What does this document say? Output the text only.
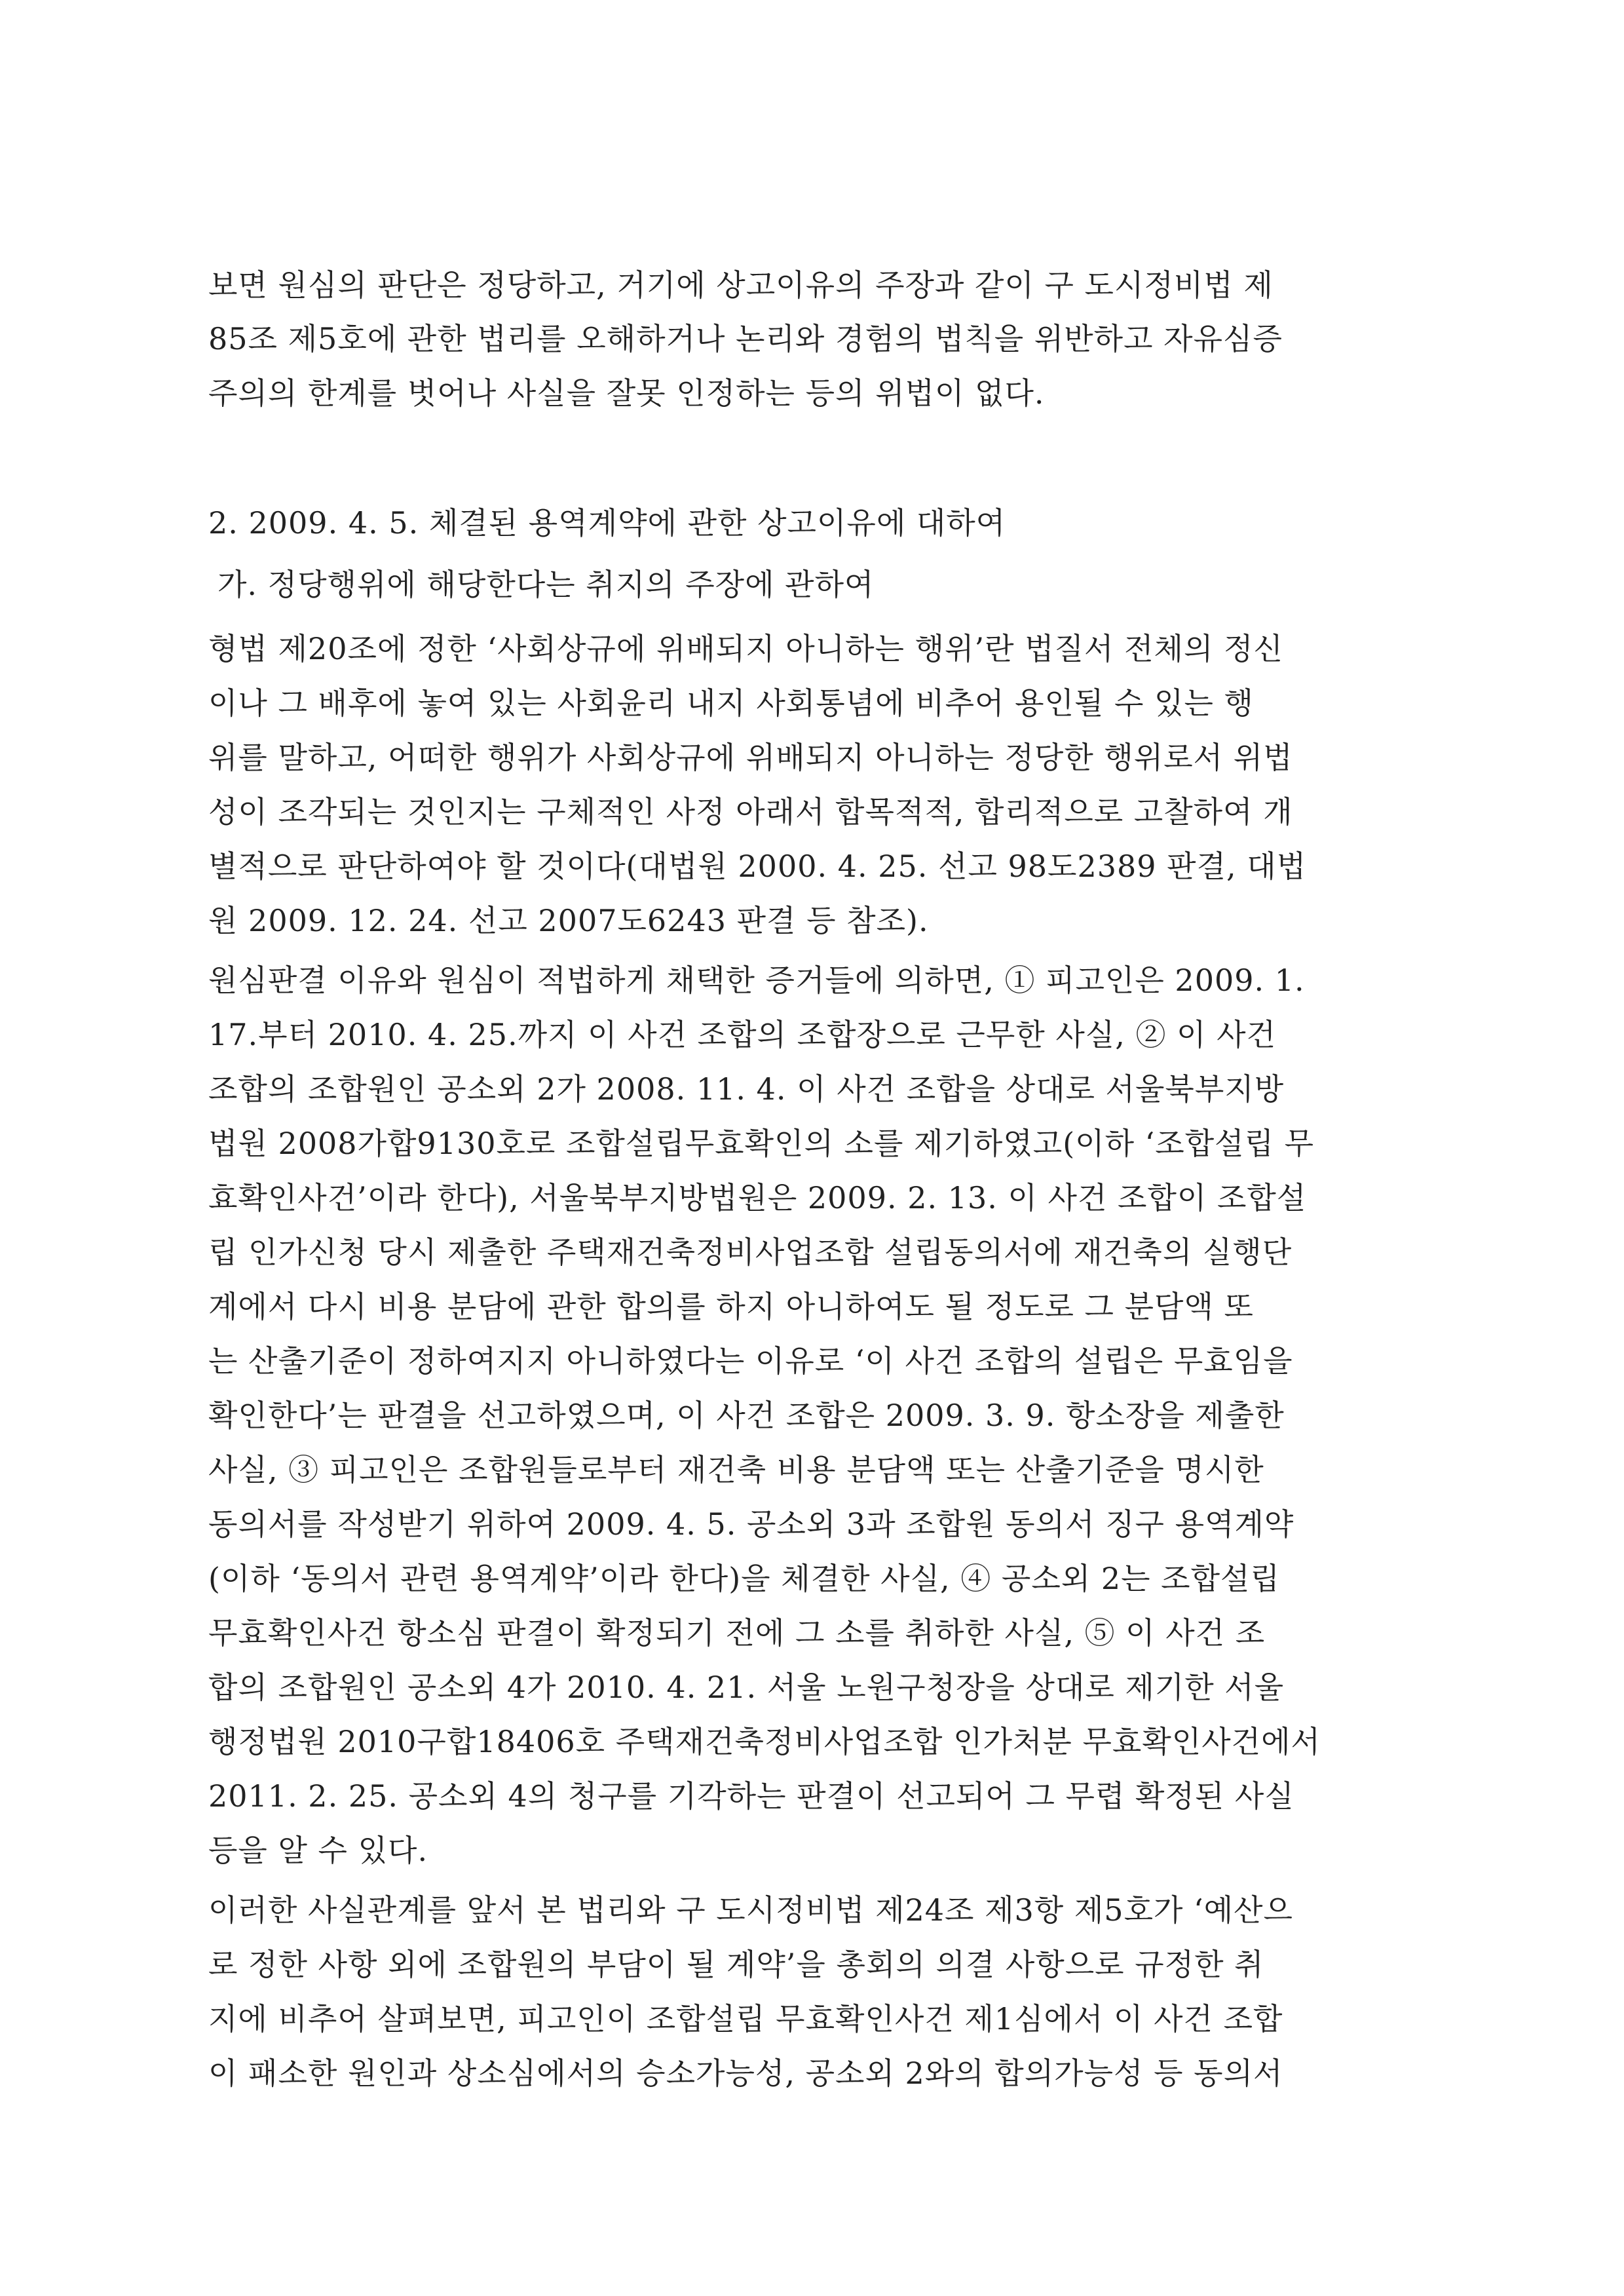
보면 원심의 판단은 정당하고, 거기에 상고이유의 주장과 같이 구 도시정비법 제

85조 제5호에 관한 법리를 오해하거나 논리와 경험의 법칙을 위반하고 자유심증

주의의 한계를 벗어나 사실을 잘못 인정하는 등의 위법이 없다.

2. 2009. 4. 5. 체결된 용역계약에 관한 상고이유에 대하여

가. 정당행위에 해당한다는 취지의 주장에 관하여

형법 제20조에 정한 ‘사회상규에 위배되지 아니하는 행위’란 법질서 전체의 정신

이나 그 배후에 놓여 있는 사회윤리 내지 사회통념에 비추어 용인될 수 있는 행

위를 말하고, 어떠한 행위가 사회상규에 위배되지 아니하는 정당한 행위로서 위법

성이 조각되는 것인지는 구체적인 사정 아래서 합목적적, 합리적으로 고찰하여 개

별적으로 판단하여야 할 것이다(대법원 2000. 4. 25. 선고 98도2389 판결, 대법

원 2009. 12. 24. 선고 2007도6243 판결 등 참조).

원심판결 이유와 원심이 적법하게 채택한 증거들에 의하면, ① 피고인은 2009. 1.

17.부터 2010. 4. 25.까지 이 사건 조합의 조합장으로 근무한 사실, ② 이 사건

조합의 조합원인 공소외 2가 2008. 11. 4. 이 사건 조합을 상대로 서울북부지방

법원 2008가합9130호로 조합설립무효확인의 소를 제기하였고(이하 ‘조합설립 무

효확인사건’이라 한다), 서울북부지방법원은 2009. 2. 13. 이 사건 조합이 조합설

립 인가신청 당시 제출한 주택재건축정비사업조합 설립동의서에 재건축의 실행단

계에서 다시 비용 분담에 관한 합의를 하지 아니하여도 될 정도로 그 분담액 또

는 산출기준이 정하여지지 아니하였다는 이유로 ‘이 사건 조합의 설립은 무효임을

확인한다’는 판결을 선고하였으며, 이 사건 조합은 2009. 3. 9. 항소장을 제출한

사실, ③ 피고인은 조합원들로부터 재건축 비용 분담액 또는 산출기준을 명시한

동의서를 작성받기 위하여 2009. 4. 5. 공소외 3과 조합원 동의서 징구 용역계약

(이하 ‘동의서 관련 용역계약’이라 한다)을 체결한 사실, ④ 공소외 2는 조합설립

무효확인사건 항소심 판결이 확정되기 전에 그 소를 취하한 사실, ⑤ 이 사건 조

합의 조합원인 공소외 4가 2010. 4. 21. 서울 노원구청장을 상대로 제기한 서울

행정법원 2010구합18406호 주택재건축정비사업조합 인가처분 무효확인사건에서

2011. 2. 25. 공소외 4의 청구를 기각하는 판결이 선고되어 그 무렵 확정된 사실

등을 알 수 있다.

이러한 사실관계를 앞서 본 법리와 구 도시정비법 제24조 제3항 제5호가 ‘예산으

로 정한 사항 외에 조합원의 부담이 될 계약’을 총회의 의결 사항으로 규정한 취

지에 비추어 살펴보면, 피고인이 조합설립 무효확인사건 제1심에서 이 사건 조합

이 패소한 원인과 상소심에서의 승소가능성, 공소외 2와의 합의가능성 등 동의서
